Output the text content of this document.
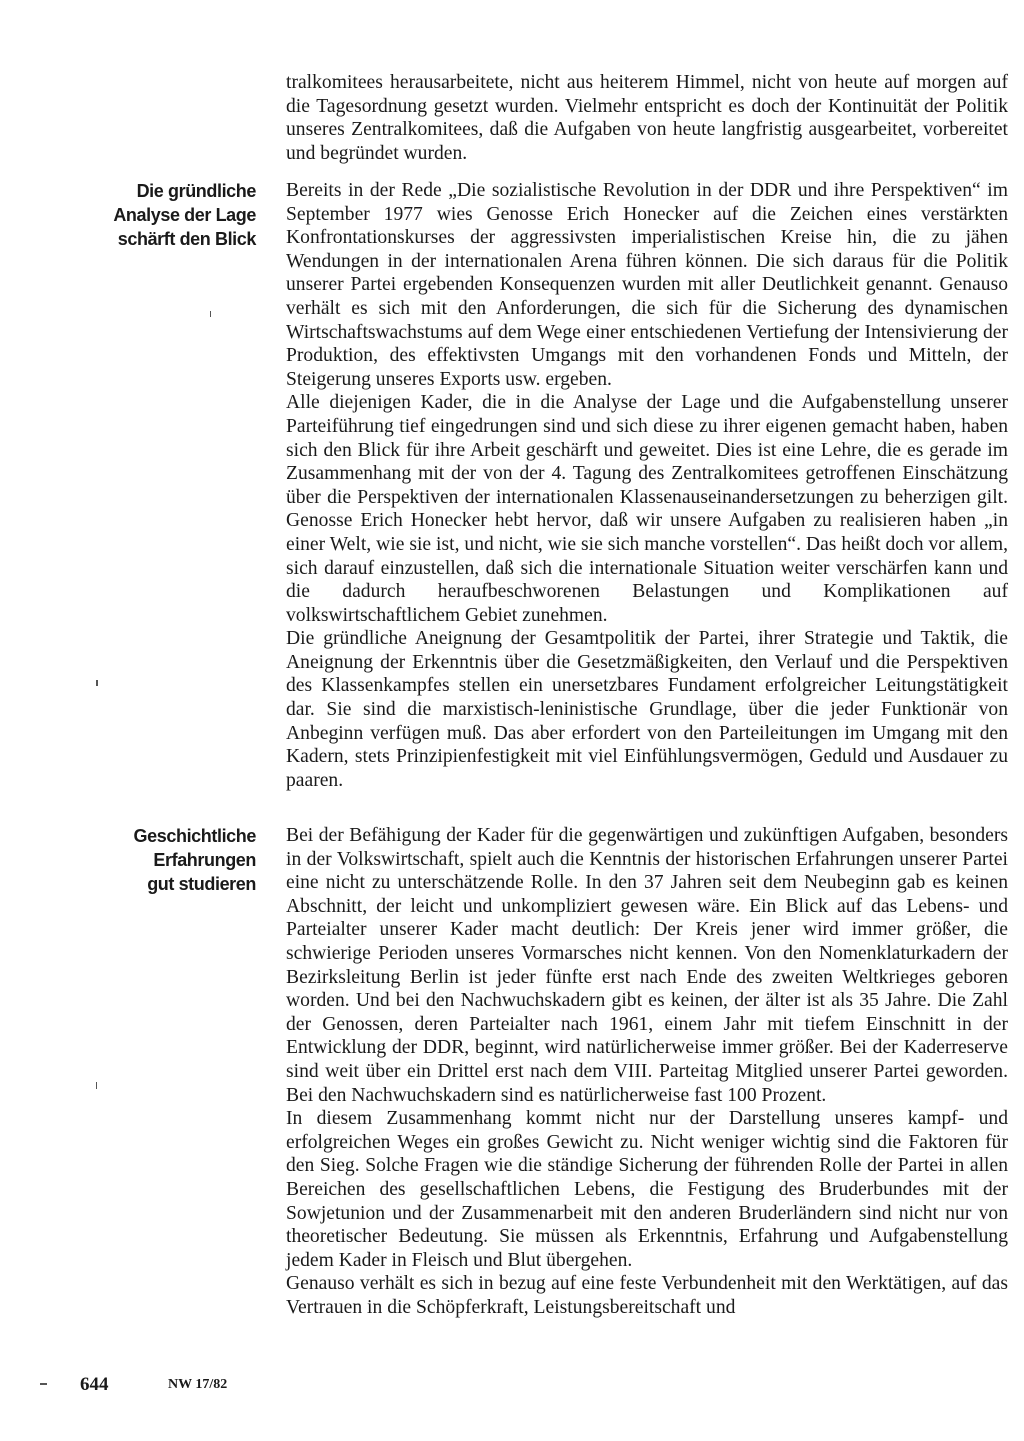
tralkomitees herausarbeitete, nicht aus heiterem Himmel, nicht von heute auf morgen auf die Tagesordnung gesetzt wurden. Vielmehr entspricht es doch der Kontinuität der Politik unseres Zentralkomitees, daß die Aufgaben von heute langfristig ausgearbeitet, vorbereitet und begründet wurden.

Die gründliche
Analyse der Lage
schärft den Blick

Bereits in der Rede „Die sozialistische Revolution in der DDR und ihre Perspektiven“ im September 1977 wies Genosse Erich Honecker auf die Zeichen eines verstärkten Konfrontationskurses der aggressivsten imperialistischen Kreise hin, die zu jähen Wendungen in der internationalen Arena führen können. Die sich daraus für die Politik unserer Partei ergebenden Konsequenzen wurden mit aller Deutlichkeit genannt. Genauso verhält es sich mit den Anforderungen, die sich für die Sicherung des dynamischen Wirtschaftswachstums auf dem Wege einer entschiedenen Vertiefung der Intensivierung der Produktion, des effektivsten Umgangs mit den vorhandenen Fonds und Mitteln, der Steigerung unseres Exports usw. ergeben.

Alle diejenigen Kader, die in die Analyse der Lage und die Aufgabenstellung unserer Parteiführung tief eingedrungen sind und sich diese zu ihrer eigenen gemacht haben, haben sich den Blick für ihre Arbeit geschärft und geweitet. Dies ist eine Lehre, die es gerade im Zusammenhang mit der von der 4. Tagung des Zentralkomitees getroffenen Einschätzung über die Perspektiven der internationalen Klassenauseinandersetzungen zu beherzigen gilt. Genosse Erich Honecker hebt hervor, daß wir unsere Aufgaben zu realisieren haben „in einer Welt, wie sie ist, und nicht, wie sie sich manche vorstellen“. Das heißt doch vor allem, sich darauf einzustellen, daß sich die internationale Situation weiter verschärfen kann und die dadurch heraufbeschworenen Belastungen und Komplikationen auf volkswirtschaftlichem Gebiet zunehmen.

Die gründliche Aneignung der Gesamtpolitik der Partei, ihrer Strategie und Taktik, die Aneignung der Erkenntnis über die Gesetzmäßigkeiten, den Verlauf und die Perspektiven des Klassenkampfes stellen ein unersetzbares Fundament erfolgreicher Leitungstätigkeit dar. Sie sind die marxistisch-leninistische Grundlage, über die jeder Funktionär von Anbeginn verfügen muß. Das aber erfordert von den Parteileitungen im Umgang mit den Kadern, stets Prinzipienfestigkeit mit viel Einfühlungsvermögen, Geduld und Ausdauer zu paaren.

Geschichtliche
Erfahrungen
gut studieren

Bei der Befähigung der Kader für die gegenwärtigen und zukünftigen Aufgaben, besonders in der Volkswirtschaft, spielt auch die Kenntnis der historischen Erfahrungen unserer Partei eine nicht zu unterschätzende Rolle. In den 37 Jahren seit dem Neubeginn gab es keinen Abschnitt, der leicht und unkompliziert gewesen wäre. Ein Blick auf das Lebens- und Parteialter unserer Kader macht deutlich: Der Kreis jener wird immer größer, die schwierige Perioden unseres Vormarsches nicht kennen. Von den Nomenklaturkadern der Bezirksleitung Berlin ist jeder fünfte erst nach Ende des zweiten Weltkrieges geboren worden. Und bei den Nachwuchskadern gibt es keinen, der älter ist als 35 Jahre. Die Zahl der Genossen, deren Parteialter nach 1961, einem Jahr mit tiefem Einschnitt in der Entwicklung der DDR, beginnt, wird natürlicherweise immer größer. Bei der Kaderreserve sind weit über ein Drittel erst nach dem VIII. Parteitag Mitglied unserer Partei geworden. Bei den Nachwuchskadern sind es natürlicherweise fast 100 Prozent.

In diesem Zusammenhang kommt nicht nur der Darstellung unseres kampf- und erfolgreichen Weges ein großes Gewicht zu. Nicht weniger wichtig sind die Faktoren für den Sieg. Solche Fragen wie die ständige Sicherung der führenden Rolle der Partei in allen Bereichen des gesellschaftlichen Lebens, die Festigung des Bruderbundes mit der Sowjetunion und der Zusammenarbeit mit den anderen Bruderländern sind nicht nur von theoretischer Bedeutung. Sie müssen als Erkenntnis, Erfahrung und Aufgabenstellung jedem Kader in Fleisch und Blut übergehen.

Genauso verhält es sich in bezug auf eine feste Verbundenheit mit den Werktätigen, auf das Vertrauen in die Schöpferkraft, Leistungsbereitschaft und

644	NW 17/82
